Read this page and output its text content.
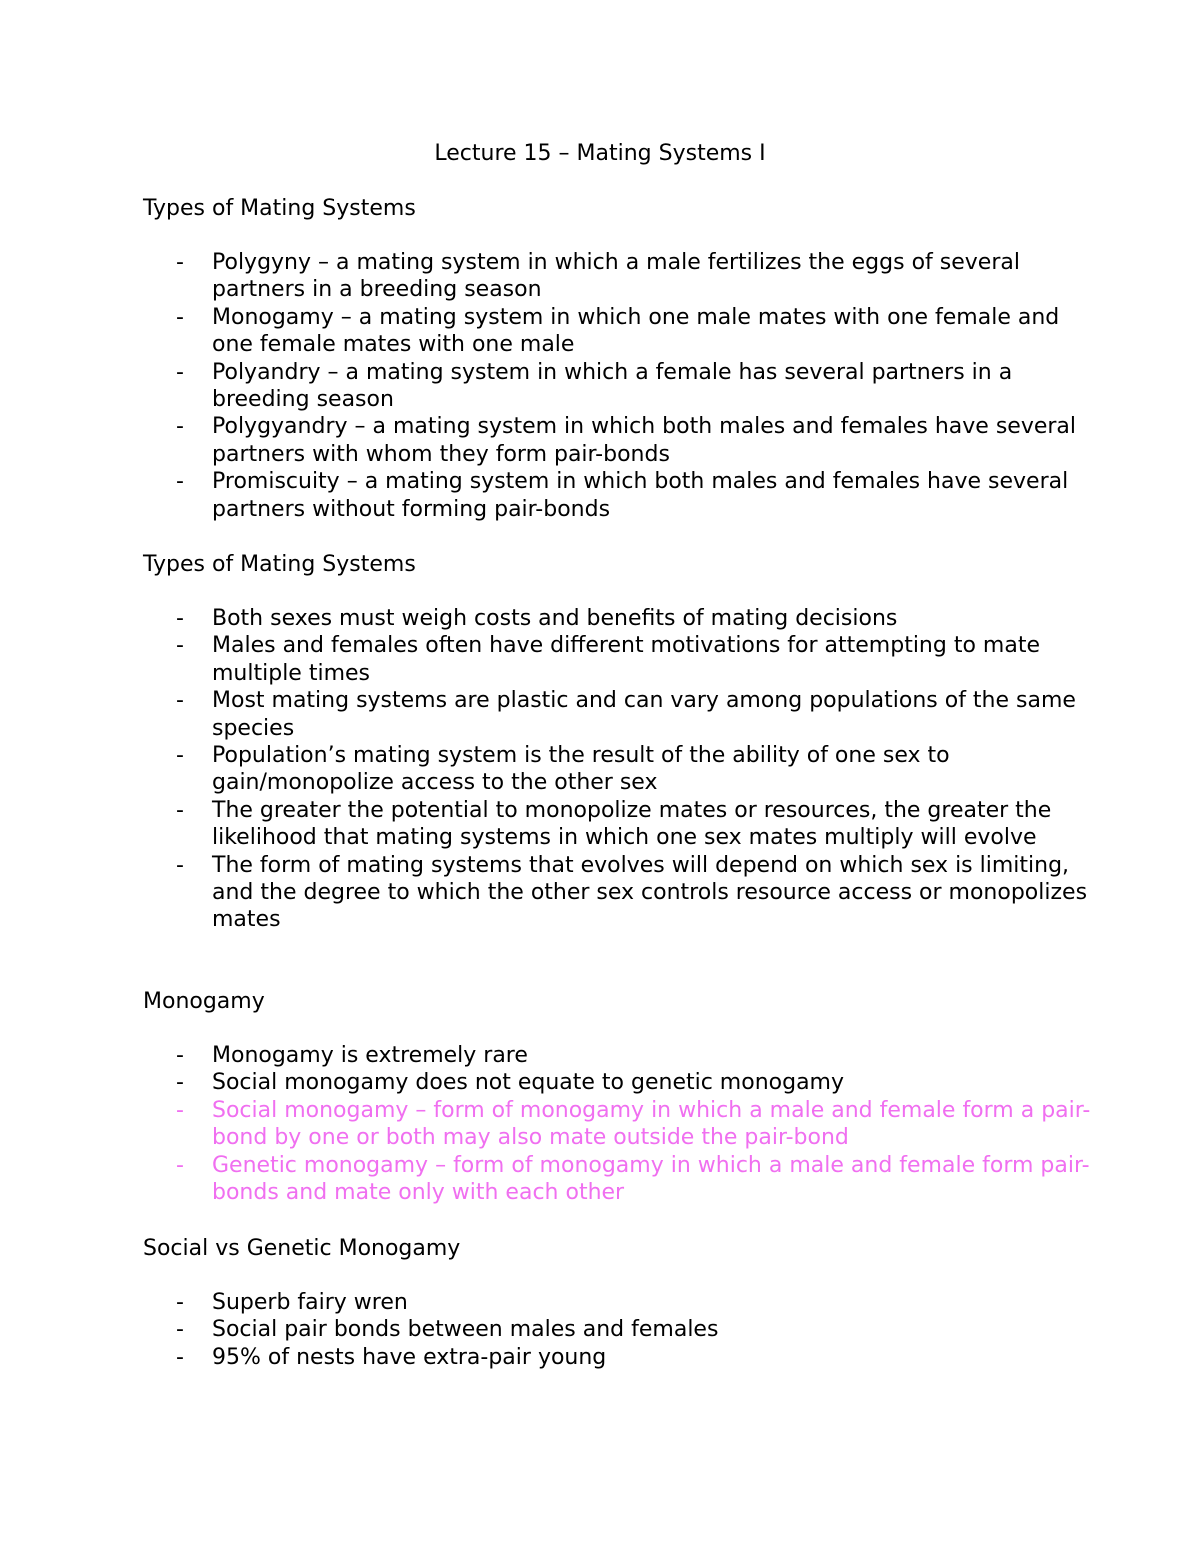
Lecture 15 – Mating Systems I
Types of Mating Systems
- Polygyny – a mating system in which a male fertilizes the eggs of several partners in a breeding season
- Monogamy – a mating system in which one male mates with one female and one female mates with one male
- Polyandry – a mating system in which a female has several partners in a breeding season
- Polygyandry – a mating system in which both males and females have several partners with whom they form pair-bonds
- Promiscuity – a mating system in which both males and females have several partners without forming pair-bonds
Types of Mating Systems
- Both sexes must weigh costs and benefits of mating decisions
- Males and females often have different motivations for attempting to mate multiple times
- Most mating systems are plastic and can vary among populations of the same species
- Population’s mating system is the result of the ability of one sex to gain/monopolize access to the other sex
- The greater the potential to monopolize mates or resources, the greater the likelihood that mating systems in which one sex mates multiply will evolve
- The form of mating systems that evolves will depend on which sex is limiting, and the degree to which the other sex controls resource access or monopolizes mates
Monogamy
- Monogamy is extremely rare
- Social monogamy does not equate to genetic monogamy
- Social monogamy – form of monogamy in which a male and female form a pair-bond by one or both may also mate outside the pair-bond
- Genetic monogamy – form of monogamy in which a male and female form pair-bonds and mate only with each other
Social vs Genetic Monogamy
- Superb fairy wren
- Social pair bonds between males and females
- 95% of nests have extra-pair young
